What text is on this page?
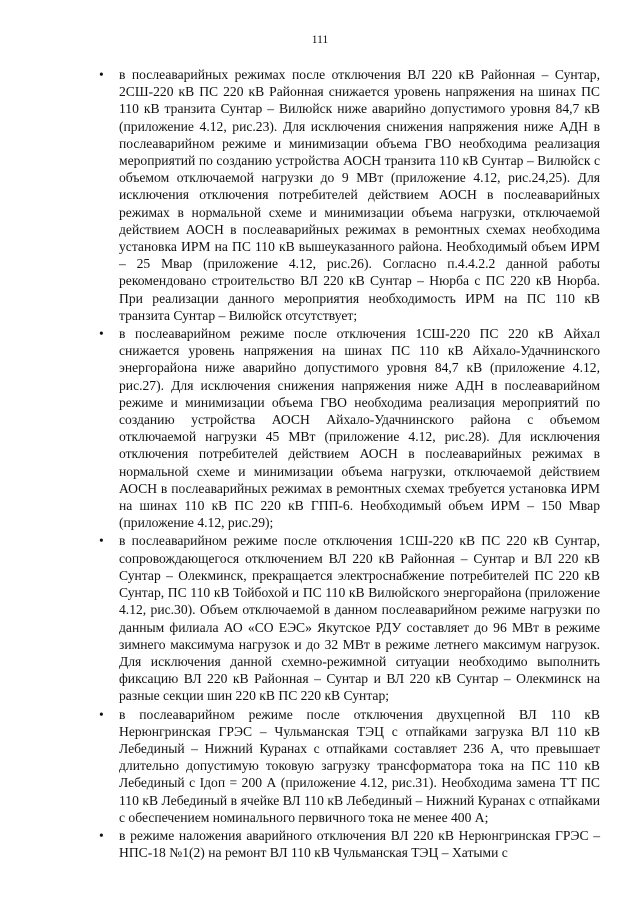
111
• в послеаварийных режимах после отключения ВЛ 220 кВ Районная – Сунтар, 2СШ-220 кВ ПС 220 кВ Районная снижается уровень напряжения на шинах ПС 110 кВ транзита Сунтар – Вилюйск ниже аварийно допустимого уровня 84,7 кВ (приложение 4.12, рис.23). Для исключения снижения напряжения ниже АДН в послеаварийном режиме и минимизации объема ГВО необходима реализация мероприятий по созданию устройства АОСН транзита 110 кВ Сунтар – Вилюйск с объемом отключаемой нагрузки до 9 МВт (приложение 4.12, рис.24,25). Для исключения отключения потребителей действием АОСН в послеаварийных режимах в нормальной схеме и минимизации объема нагрузки, отключаемой действием АОСН в послеаварийных режимах в ремонтных схемах необходима установка ИРМ на ПС 110 кВ вышеуказанного района. Необходимый объем ИРМ – 25 Мвар (приложение 4.12, рис.26). Согласно п.4.4.2.2 данной работы рекомендовано строительство ВЛ 220 кВ Сунтар – Нюрба с ПС 220 кВ Нюрба. При реализации данного мероприятия необходимость ИРМ на ПС 110 кВ транзита Сунтар – Вилюйск отсутствует;
• в послеаварийном режиме после отключения 1СШ-220 ПС 220 кВ Айхал снижается уровень напряжения на шинах ПС 110 кВ Айхало-Удачнинского энергорайона ниже аварийно допустимого уровня 84,7 кВ (приложение 4.12, рис.27). Для исключения снижения напряжения ниже АДН в послеаварийном режиме и минимизации объема ГВО необходима реализация мероприятий по созданию устройства АОСН Айхало-Удачнинского района с объемом отключаемой нагрузки 45 МВт (приложение 4.12, рис.28). Для исключения отключения потребителей действием АОСН в послеаварийных режимах в нормальной схеме и минимизации объема нагрузки, отключаемой действием АОСН в послеаварийных режимах в ремонтных схемах требуется установка ИРМ на шинах 110 кВ ПС 220 кВ ГПП-6. Необходимый объем ИРМ – 150 Мвар (приложение 4.12, рис.29);
• в послеаварийном режиме после отключения 1СШ-220 кВ ПС 220 кВ Сунтар, сопровождающегося отключением ВЛ 220 кВ Районная – Сунтар и ВЛ 220 кВ Сунтар – Олекминск, прекращается электроснабжение потребителей ПС 220 кВ Сунтар, ПС 110 кВ Тойбохой и ПС 110 кВ Вилюйского энергорайона (приложение 4.12, рис.30). Объем отключаемой в данном послеаварийном режиме нагрузки по данным филиала АО «СО ЕЭС» Якутское РДУ составляет до 96 МВт в режиме зимнего максимума нагрузок и до 32 МВт в режиме летнего максимум нагрузок. Для исключения данной схемно-режимной ситуации необходимо выполнить фиксацию ВЛ 220 кВ Районная – Сунтар и ВЛ 220 кВ Сунтар – Олекминск на разные секции шин 220 кВ ПС 220 кВ Сунтар;
• в послеаварийном режиме после отключения двухцепной ВЛ 110 кВ Нерюнгринская ГРЭС – Чульманская ТЭЦ с отпайками загрузка ВЛ 110 кВ Лебединый – Нижний Куранах с отпайками составляет 236 А, что превышает длительно допустимую токовую загрузку трансформатора тока на ПС 110 кВ Лебединый с Iдоп = 200 А (приложение 4.12, рис.31). Необходима замена ТТ ПС 110 кВ Лебединый в ячейке ВЛ 110 кВ Лебединый – Нижний Куранах с отпайками с обеспечением номинального первичного тока не менее 400 А;
• в режиме наложения аварийного отключения ВЛ 220 кВ Нерюнгринская ГРЭС – НПС-18 №1(2) на ремонт ВЛ 110 кВ Чульманская ТЭЦ – Хатыми с
